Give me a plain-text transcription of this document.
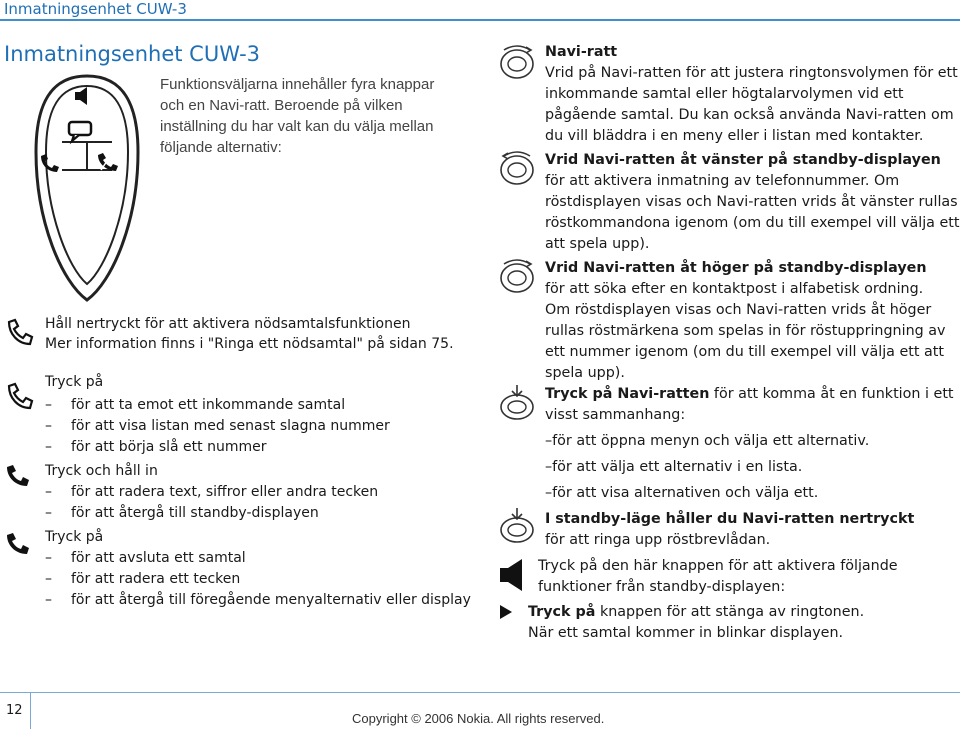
Inmatningsenhet CUW-3
Inmatningsenhet CUW-3
Funktionsväljarna innehåller fyra knappar
och en Navi-ratt. Beroende på vilken
inställning du har valt kan du välja mellan
följande alternativ:
Håll nertryckt för att aktivera nödsamtalsfunktionen
Mer information finns i "Ringa ett nödsamtal" på sidan 75.
Tryck på
– för att ta emot ett inkommande samtal
– för att visa listan med senast slagna nummer
– för att börja slå ett nummer
Tryck och håll in
– för att radera text, siffror eller andra tecken
– för att återgå till standby-displayen
Tryck på
– för att avsluta ett samtal
– för att radera ett tecken
– för att återgå till föregående menyalternativ eller display
Navi-ratt
Vrid på Navi-ratten för att justera ringtonsvolymen för ett
inkommande samtal eller högtalarvolymen vid ett
pågående samtal. Du kan också använda Navi-ratten om
du vill bläddra i en meny eller i listan med kontakter.
Vrid Navi-ratten åt vänster på standby-displayen
för att aktivera inmatning av telefonnummer. Om
röstdisplayen visas och Navi-ratten vrids åt vänster rullas
röstkommandona igenom (om du till exempel vill välja ett
att spela upp).
Vrid Navi-ratten åt höger på standby-displayen
för att söka efter en kontaktpost i alfabetisk ordning.
Om röstdisplayen visas och Navi-ratten vrids åt höger
rullas röstmärkena som spelas in för röstuppringning av
ett nummer igenom (om du till exempel vill välja ett att
spela upp).
Tryck på Navi-ratten för att komma åt en funktion i ett
visst sammanhang:
–för att öppna menyn och välja ett alternativ.
–för att välja ett alternativ i en lista.
–för att visa alternativen och välja ett.
I standby-läge håller du Navi-ratten nertryckt
för att ringa upp röstbrevlådan.
Tryck på den här knappen för att aktivera följande
funktioner från standby-displayen:
Tryck på knappen för att stänga av ringtonen.
När ett samtal kommer in blinkar displayen.
12
Copyright © 2006 Nokia. All rights reserved.
